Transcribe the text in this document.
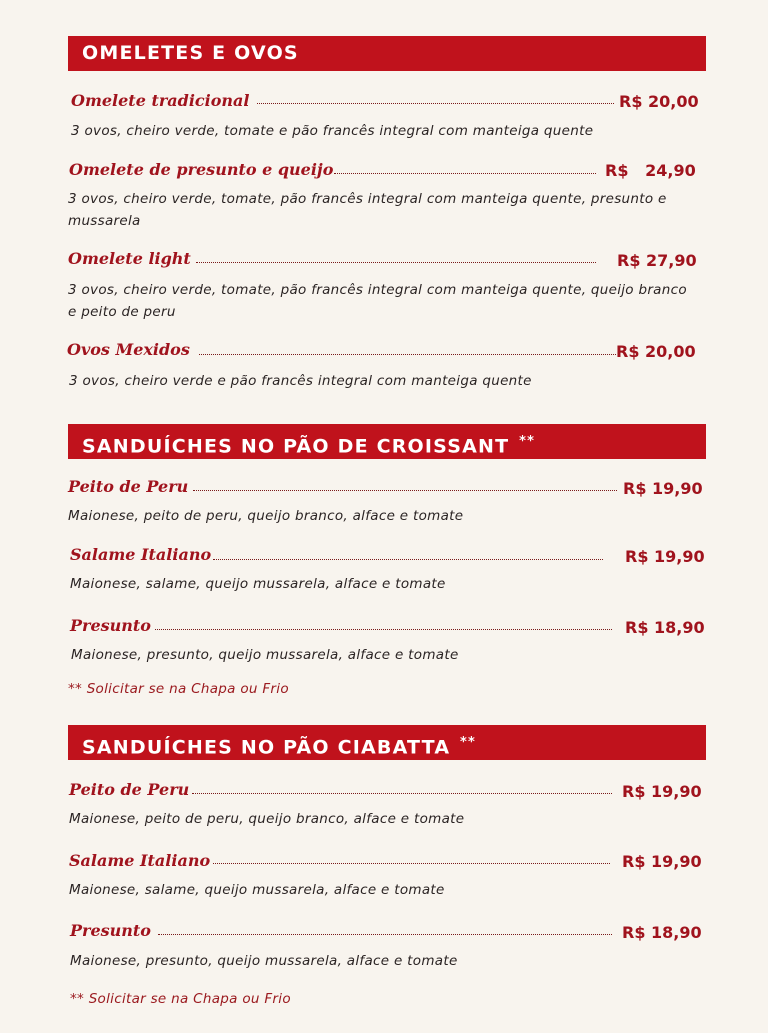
OMELETES E OVOS
Omelete tradicional	R$ 20,00
3 ovos, cheiro verde, tomate e pão francês integral com manteiga quente
Omelete de presunto e queijo	R$   24,90
3 ovos, cheiro verde, tomate, pão francês integral com manteiga quente, presunto e mussarela
Omelete light	R$ 27,90
3 ovos, cheiro verde, tomate, pão francês integral com manteiga quente, queijo branco e peito de peru
Ovos Mexidos	R$ 20,00
3 ovos, cheiro verde e pão francês integral com manteiga quente
SANDUÍCHES NO PÃO DE CROISSANT **
Peito de Peru	R$ 19,90
Maionese, peito de peru, queijo branco, alface e tomate
Salame Italiano	R$ 19,90
Maionese, salame, queijo mussarela, alface e tomate
Presunto	R$ 18,90
Maionese, presunto, queijo mussarela, alface e tomate
** Solicitar se na Chapa ou Frio
SANDUÍCHES NO PÃO CIABATTA **
Peito de Peru	R$ 19,90
Maionese, peito de peru, queijo branco, alface e tomate
Salame Italiano	R$ 19,90
Maionese, salame, queijo mussarela, alface e tomate
Presunto	R$ 18,90
Maionese, presunto, queijo mussarela, alface e tomate
** Solicitar se na Chapa ou Frio
